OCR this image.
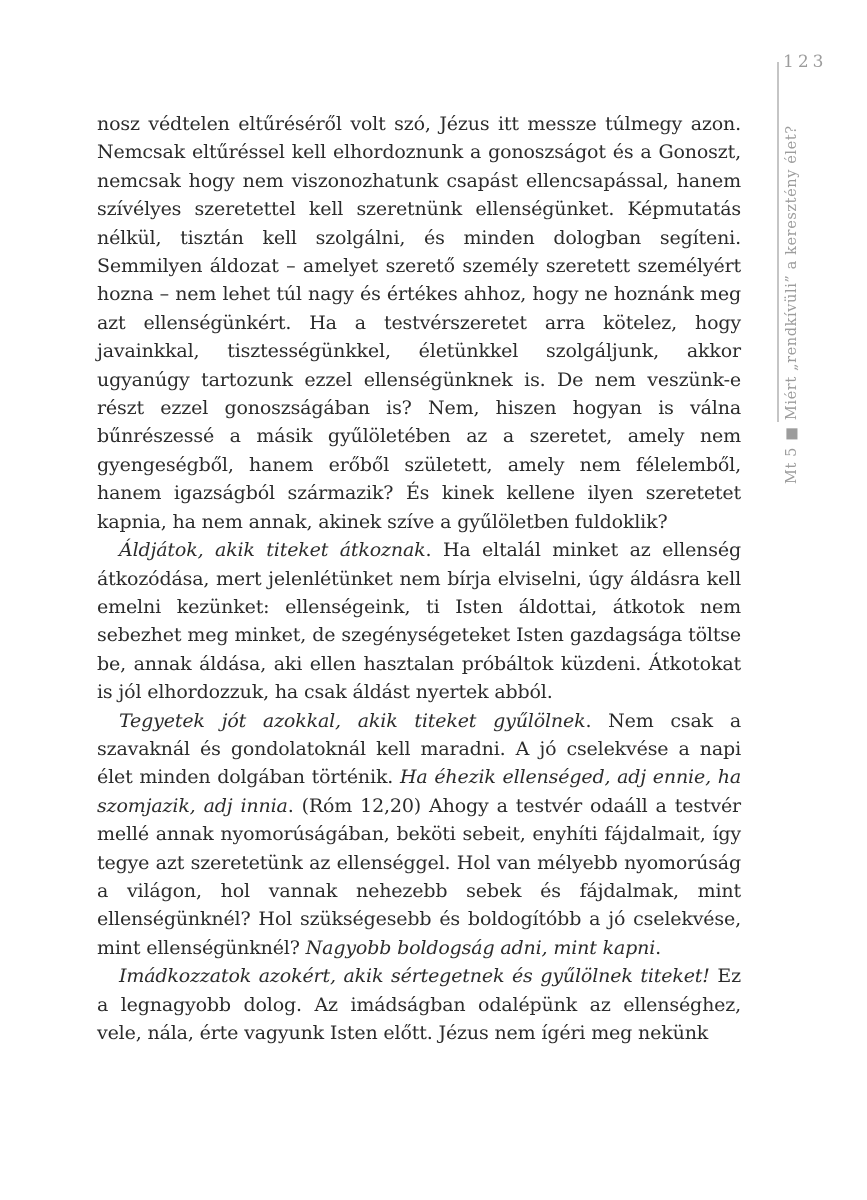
123
Mt 5 ■ Miért „rendkívüli” a keresztény élet?

nosz védtelen eltűréséről volt szó, Jézus itt messze túlmegy azon. Nemcsak eltűréssel kell elhordoznunk a gonoszságot és a Gonoszt, nemcsak hogy nem viszonozhatunk csapást ellencsapással, hanem szívélyes szeretettel kell szeretnünk ellenségünket. Képmutatás nélkül, tisztán kell szolgálni, és minden dologban segíteni. Semmilyen áldozat – amelyet szerető személy szeretett személyért hozna – nem lehet túl nagy és értékes ahhoz, hogy ne hoznánk meg azt ellenségünkért. Ha a testvérszeretet arra kötelez, hogy javainkkal, tisztességünkkel, életünkkel szolgáljunk, akkor ugyanúgy tartozunk ezzel ellenségünknek is. De nem veszünk-e részt ezzel gonoszságában is? Nem, hiszen hogyan is válna bűnrészessé a másik gyűlöletében az a szeretet, amely nem gyengeségből, hanem erőből született, amely nem félelemből, hanem igazságból származik? És kinek kellene ilyen szeretetet kapnia, ha nem annak, akinek szíve a gyűlöletben fuldoklik?

Áldjátok, akik titeket átkoznak. Ha eltalál minket az ellenség átkozódása, mert jelenlétünket nem bírja elviselni, úgy áldásra kell emelni kezünket: ellenségeink, ti Isten áldottai, átkotok nem sebezhet meg minket, de szegénységeteket Isten gazdagsága töltse be, annak áldása, aki ellen hasztalan próbáltok küzdeni. Átkotokat is jól elhordozzuk, ha csak áldást nyertek abból.

Tegyetek jót azokkal, akik titeket gyűlölnek. Nem csak a szavaknál és gondolatoknál kell maradni. A jó cselekvése a napi élet minden dolgában történik. Ha éhezik ellenséged, adj ennie, ha szomjazik, adj innia. (Róm 12,20) Ahogy a testvér odaáll a testvér mellé annak nyomorúságában, beköti sebeit, enyhíti fájdalmait, így tegye azt szeretetünk az ellenséggel. Hol van mélyebb nyomorúság a világon, hol vannak nehezebb sebek és fájdalmak, mint ellenségünknél? Hol szükségesebb és boldogítóbb a jó cselekvése, mint ellenségünknél? Nagyobb boldogság adni, mint kapni.

Imádkozzatok azokért, akik sértegetnek és gyűlölnek titeket! Ez a legnagyobb dolog. Az imádságban odalépünk az ellenséghez, vele, nála, érte vagyunk Isten előtt. Jézus nem ígéri meg nekünk
